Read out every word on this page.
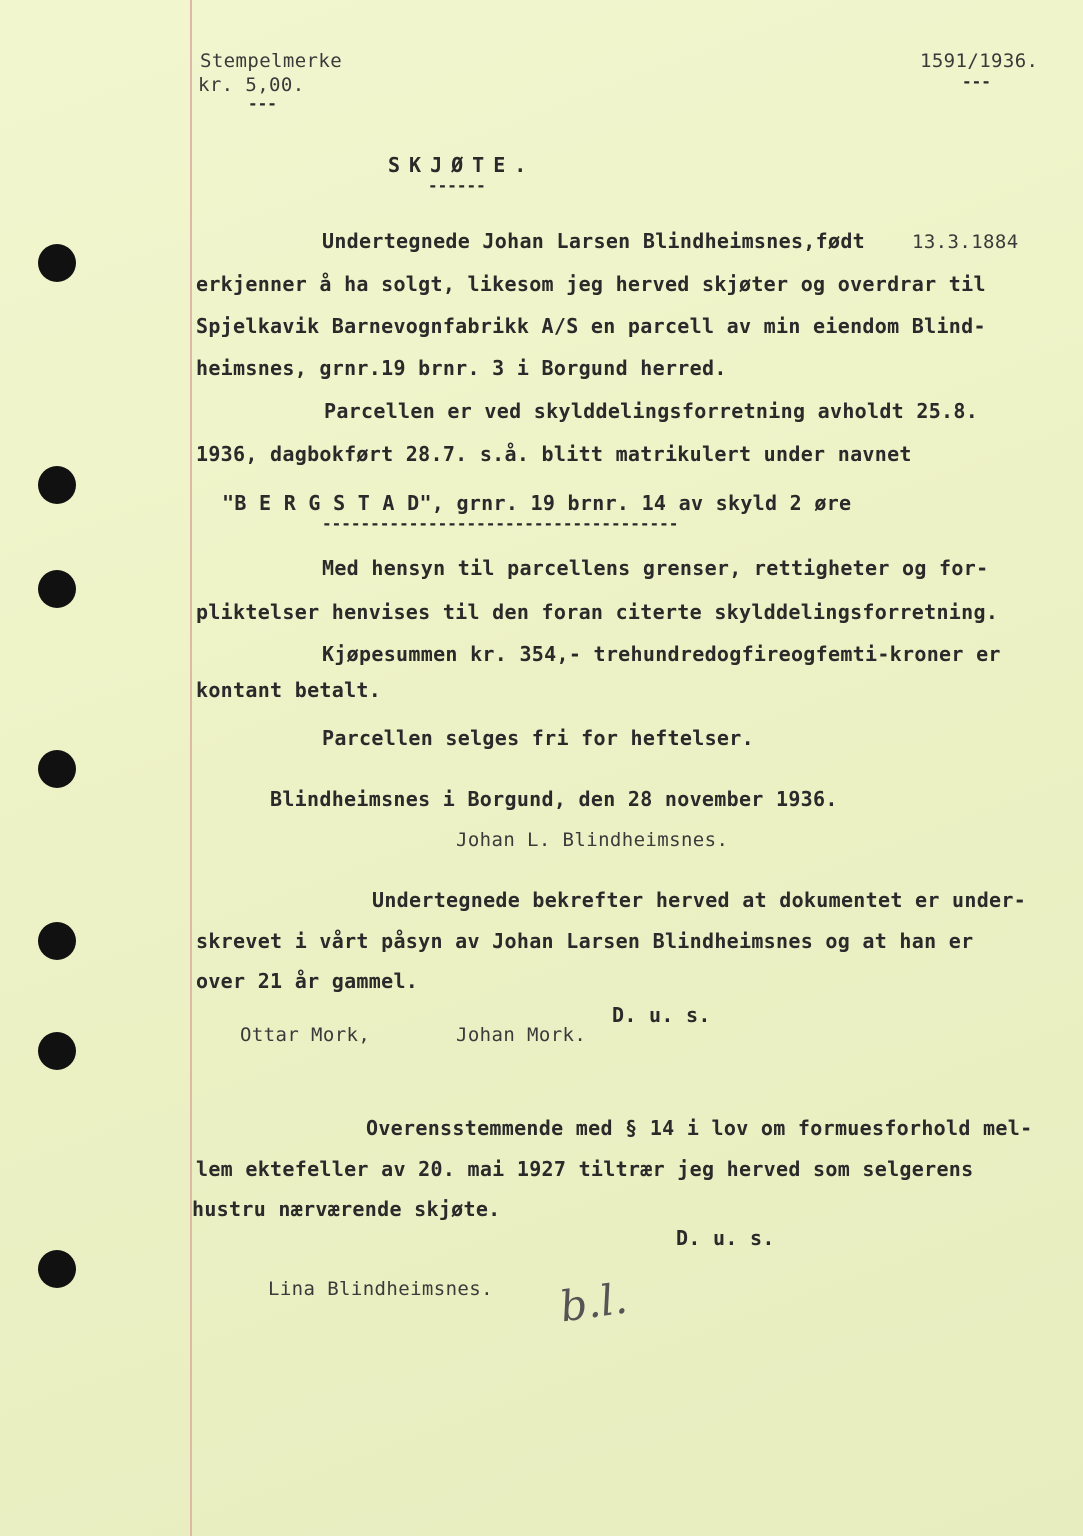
Stempelmerke
kr. 5,00.
---
1591/1936.
---
SKJØTE.
------
Undertegnede Johan Larsen Blindheimsnes,født 13.3.1884
erkjenner å ha solgt, likesom jeg herved skjøter og overdrar til
Spjelkavik Barnevognfabrikk A/S en parcell av min eiendom Blind-
heimsnes, grnr.19 brnr. 3 i Borgund herred.
Parcellen er ved skylddelingsforretning avholdt 25.8.
1936, dagbokført 28.7. s.å. blitt matrikulert under navnet
"B E R G S T A D", grnr. 19 brnr. 14 av skyld 2 øre
-------------------------------------
Med hensyn til parcellens grenser, rettigheter og for-
pliktelser henvises til den foran citerte skylddelingsforretning.
Kjøpesummen kr. 354,- trehundredogfireogfemti-kroner er
kontant betalt.
Parcellen selges fri for heftelser.
Blindheimsnes i Borgund, den 28 november 1936.
Johan L. Blindheimsnes.
Undertegnede bekrefter herved at dokumentet er under-
skrevet i vårt påsyn av Johan Larsen Blindheimsnes og at han er
over 21 år gammel.
D. u. s.
Ottar Mork,	Johan Mork.
Overensstemmende med § 14 i lov om formuesforhold mel-
lem ektefeller av 20. mai 1927 tiltrær jeg herved som selgerens
hustru nærværende skjøte.
D. u. s.
Lina Blindheimsnes. b.l.
